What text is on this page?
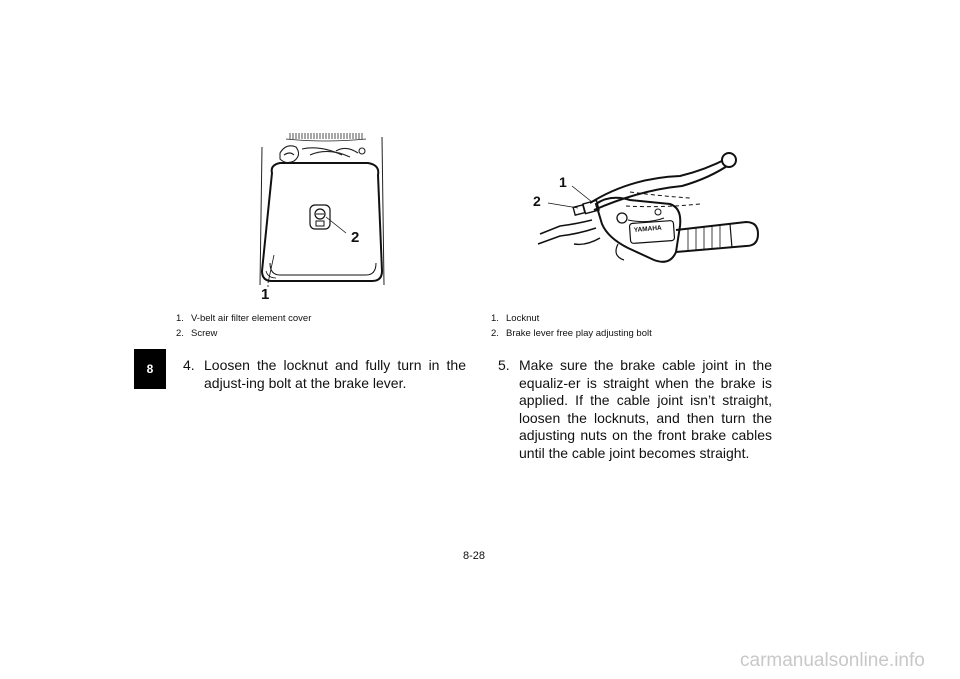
8
2
1
1. V-belt air filter element cover
2. Screw
4. Loosen the locknut and fully turn in the adjust-ing bolt at the brake lever.
YAMAHA
1
2
1. Locknut
2. Brake lever free play adjusting bolt
5. Make sure the brake cable joint in the equaliz-er is straight when the brake is applied. If the cable joint isn’t straight, loosen the locknuts, and then turn the adjusting nuts on the front brake cables until the cable joint becomes straight.
8-28
carmanualsonline.info
